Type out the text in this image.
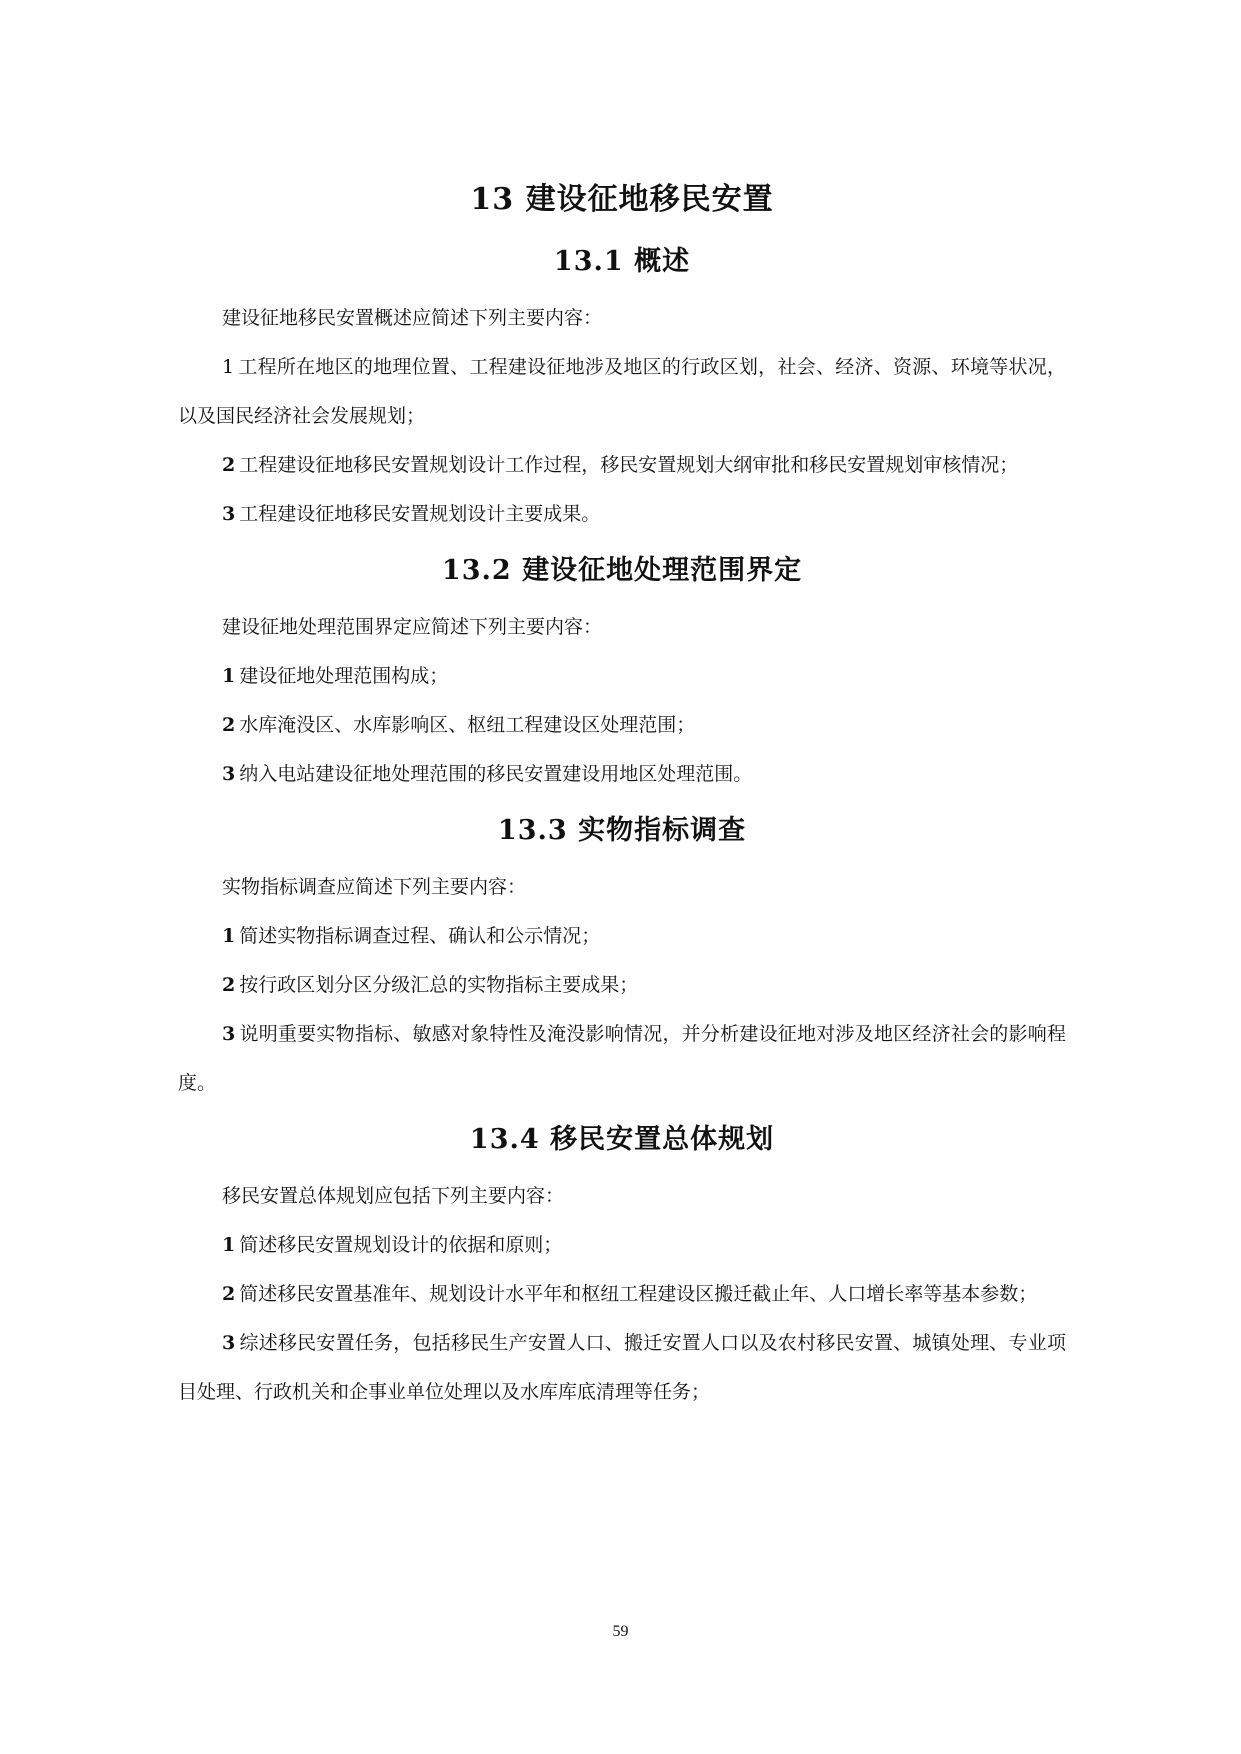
13 建设征地移民安置
13.1 概述

建设征地移民安置概述应简述下列主要内容：

1 工程所在地区的地理位置、工程建设征地涉及地区的行政区划，社会、经济、资源、环境等状况，以及国民经济社会发展规划；

2 工程建设征地移民安置规划设计工作过程，移民安置规划大纲审批和移民安置规划审核情况；

3 工程建设征地移民安置规划设计主要成果。

13.2 建设征地处理范围界定

建设征地处理范围界定应简述下列主要内容：

1 建设征地处理范围构成；

2 水库淹没区、水库影响区、枢纽工程建设区处理范围；

3 纳入电站建设征地处理范围的移民安置建设用地区处理范围。

13.3 实物指标调查

实物指标调查应简述下列主要内容：

1 简述实物指标调查过程、确认和公示情况；

2 按行政区划分区分级汇总的实物指标主要成果；

3 说明重要实物指标、敏感对象特性及淹没影响情况，并分析建设征地对涉及地区经济社会的影响程度。

13.4 移民安置总体规划

移民安置总体规划应包括下列主要内容：

1 简述移民安置规划设计的依据和原则；

2 简述移民安置基准年、规划设计水平年和枢纽工程建设区搬迁截止年、人口增长率等基本参数；

3 综述移民安置任务，包括移民生产安置人口、搬迁安置人口以及农村移民安置、城镇处理、专业项目处理、行政机关和企事业单位处理以及水库库底清理等任务；

59
